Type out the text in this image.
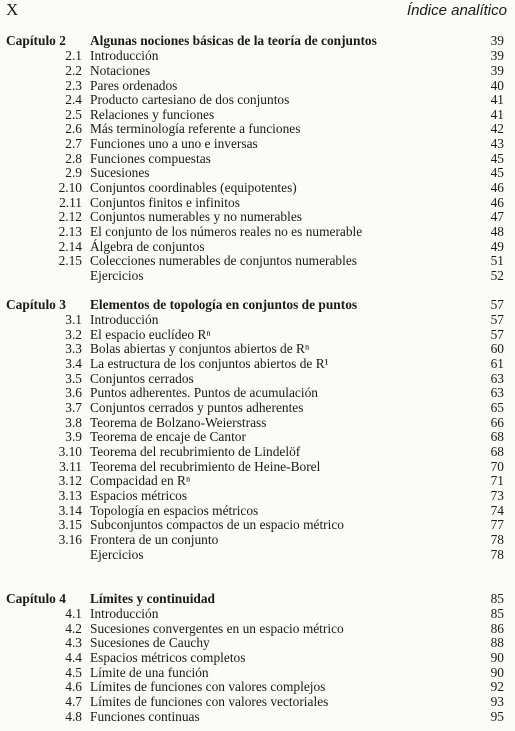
X	Índice analítico
Capítulo 2 Algunas nociones básicas de la teoría de conjuntos	39
2.1 Introducción	39
2.2 Notaciones	39
2.3 Pares ordenados	40
2.4 Producto cartesiano de dos conjuntos	41
2.5 Relaciones y funciones	41
2.6 Más terminología referente a funciones	42
2.7 Funciones uno a uno e inversas	43
2.8 Funciones compuestas	45
2.9 Sucesiones	45
2.10 Conjuntos coordinables (equipotentes)	46
2.11 Conjuntos finitos e infinitos	46
2.12 Conjuntos numerables y no numerables	47
2.13 El conjunto de los números reales no es numerable	48
2.14 Álgebra de conjuntos	49
2.15 Colecciones numerables de conjuntos numerables	51
Ejercicios	52
Capítulo 3 Elementos de topología en conjuntos de puntos	57
3.1 Introducción	57
3.2 El espacio euclídeo Rⁿ	57
3.3 Bolas abiertas y conjuntos abiertos de Rⁿ	60
3.4 La estructura de los conjuntos abiertos de R¹	61
3.5 Conjuntos cerrados	63
3.6 Puntos adherentes. Puntos de acumulación	63
3.7 Conjuntos cerrados y puntos adherentes	65
3.8 Teorema de Bolzano-Weierstrass	66
3.9 Teorema de encaje de Cantor	68
3.10 Teorema del recubrimiento de Lindelöf	68
3.11 Teorema del recubrimiento de Heine-Borel	70
3.12 Compacidad en Rⁿ	71
3.13 Espacios métricos	73
3.14 Topología en espacios métricos	74
3.15 Subconjuntos compactos de un espacio métrico	77
3.16 Frontera de un conjunto	78
Ejercicios	78
Capítulo 4 Límites y continuidad	85
4.1 Introducción	85
4.2 Sucesiones convergentes en un espacio métrico	86
4.3 Sucesiones de Cauchy	88
4.4 Espacios métricos completos	90
4.5 Límite de una función	90
4.6 Límites de funciones con valores complejos	92
4.7 Límites de funciones con valores vectoriales	93
4.8 Funciones continuas	95
